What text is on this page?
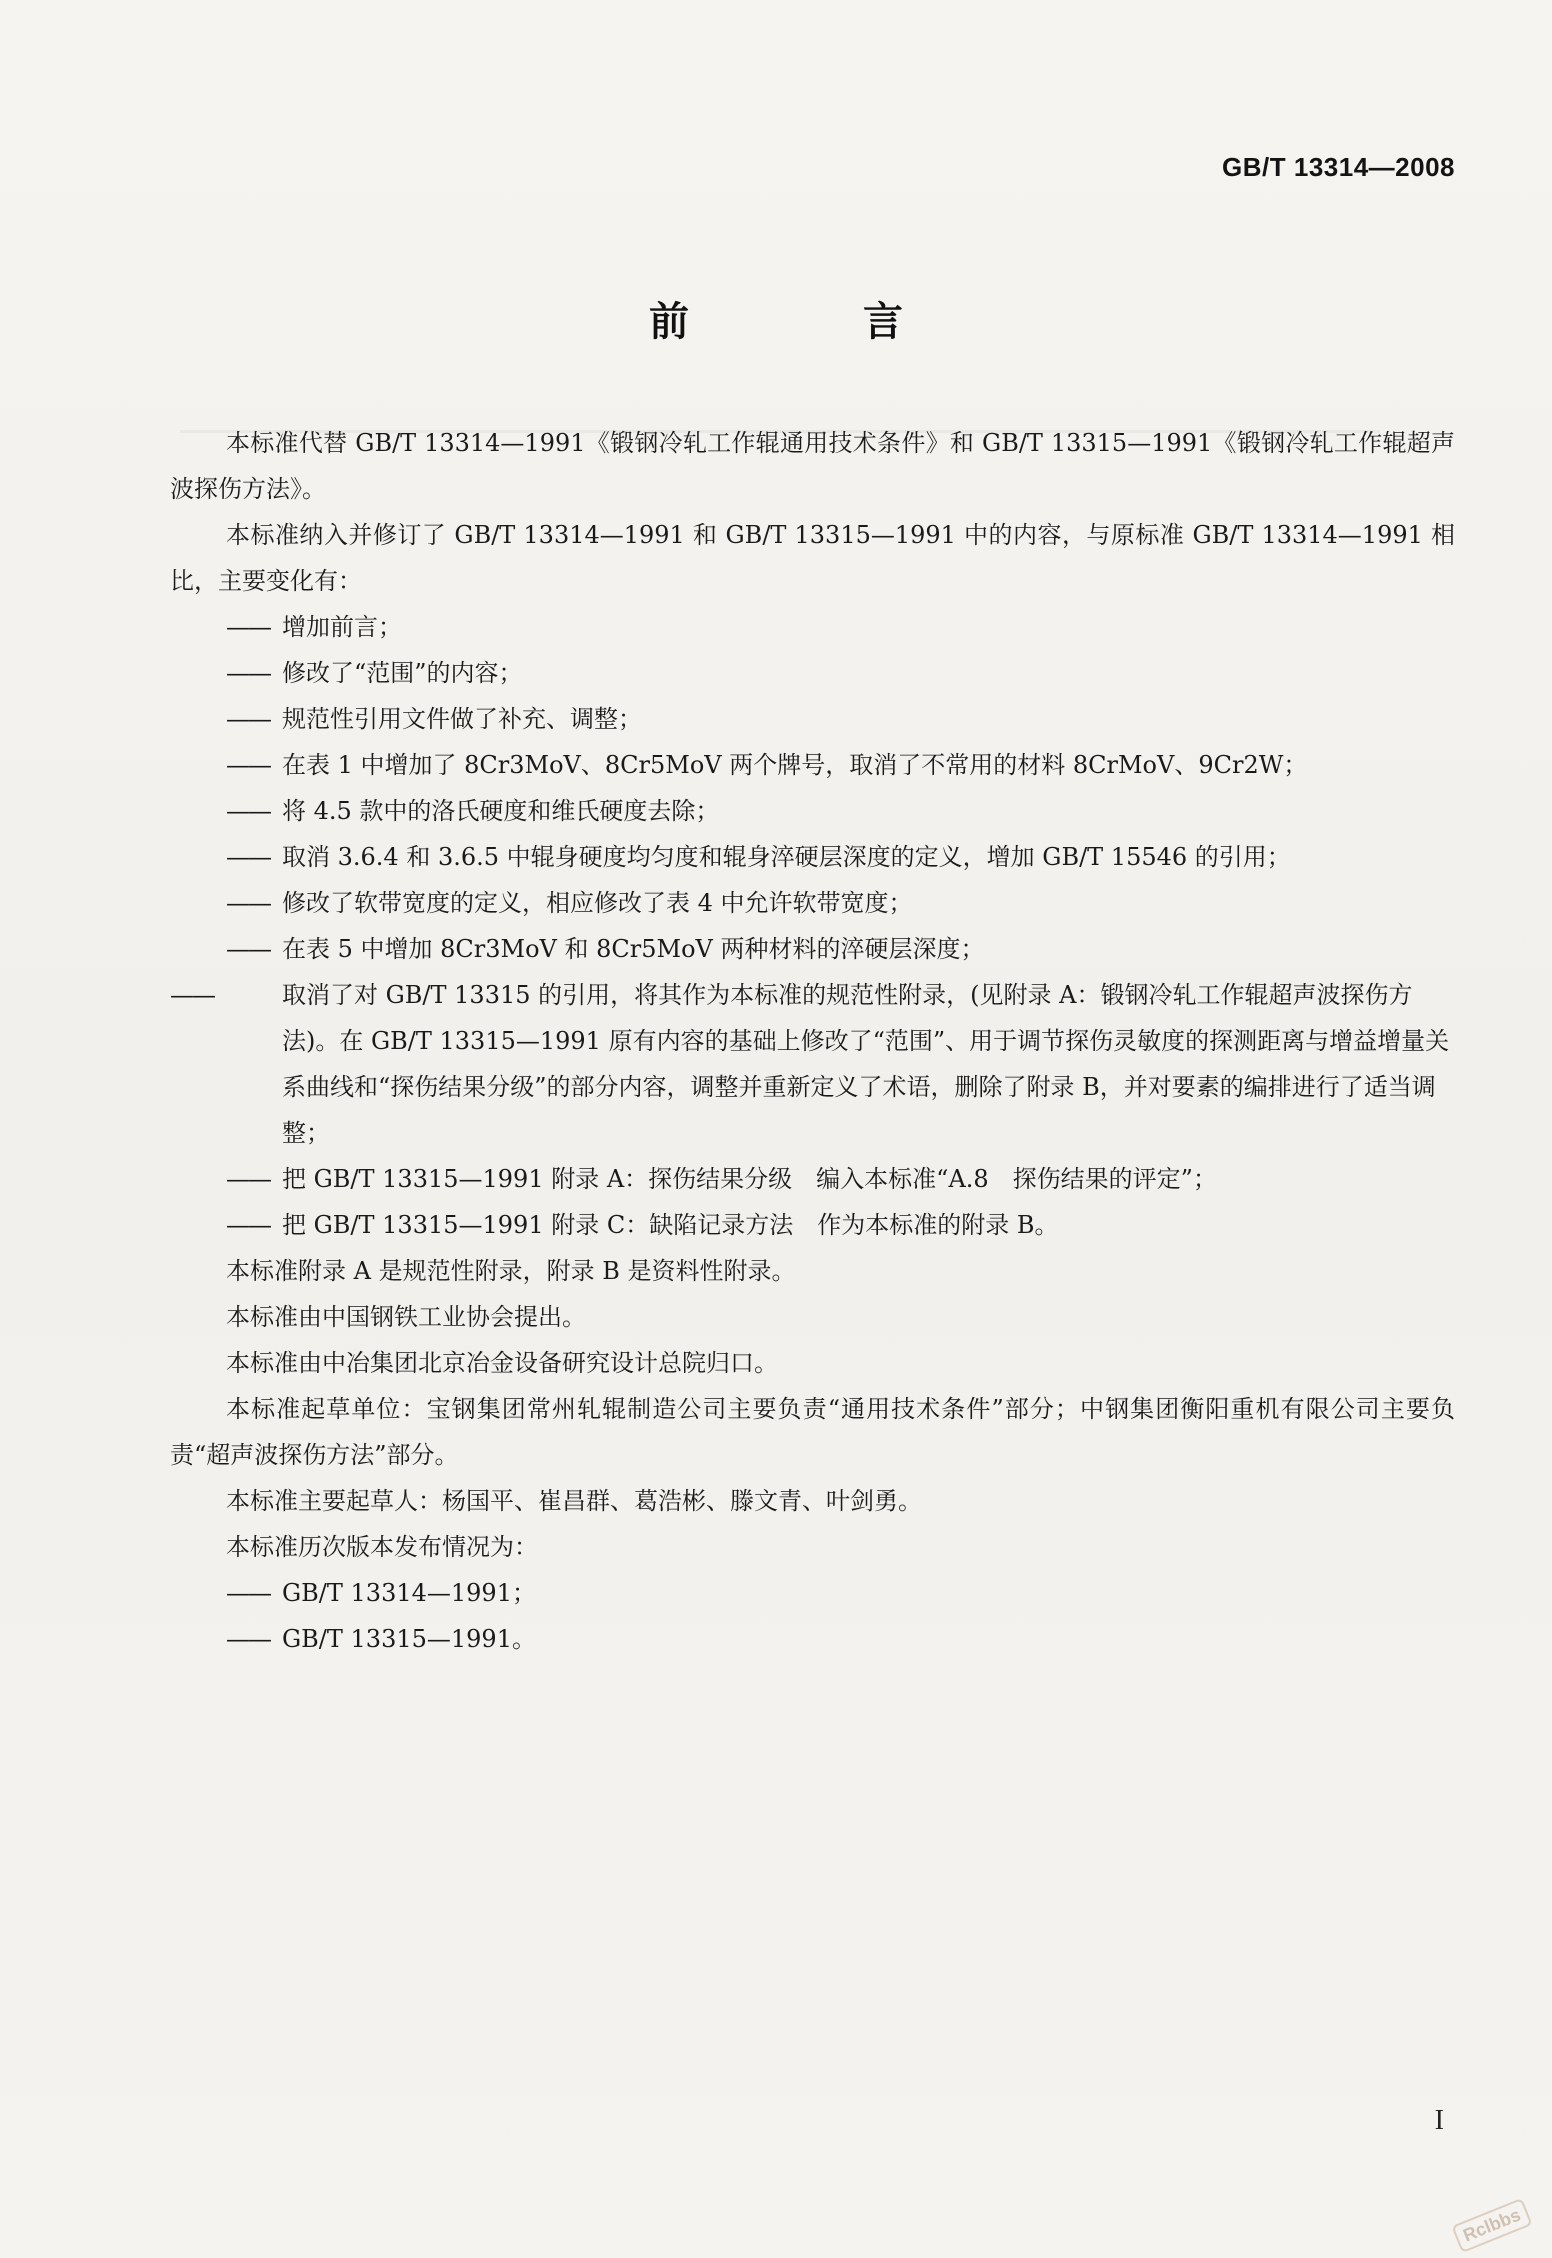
GB/T 13314—2008
前 言

本标准代替 GB/T 13314—1991《锻钢冷轧工作辊通用技术条件》和 GB/T 13315—1991《锻钢冷轧工作辊超声波探伤方法》。

本标准纳入并修订了 GB/T 13314—1991 和 GB/T 13315—1991 中的内容，与原标准 GB/T 13314—1991 相比，主要变化有：

—— 增加前言；

—— 修改了“范围”的内容；

—— 规范性引用文件做了补充、调整；

—— 在表 1 中增加了 8Cr3MoV、8Cr5MoV 两个牌号，取消了不常用的材料 8CrMoV、9Cr2W；

—— 将 4.5 款中的洛氏硬度和维氏硬度去除；

—— 取消 3.6.4 和 3.6.5 中辊身硬度均匀度和辊身淬硬层深度的定义，增加 GB/T 15546 的引用；

—— 修改了软带宽度的定义，相应修改了表 4 中允许软带宽度；

—— 在表 5 中增加 8Cr3MoV 和 8Cr5MoV 两种材料的淬硬层深度；

——	取消了对 GB/T 13315 的引用，将其作为本标准的规范性附录，(见附录 A：锻钢冷轧工作辊超声波探伤方法)。在 GB/T 13315—1991 原有内容的基础上修改了“范围”、用于调节探伤灵敏度的探测距离与增益增量关系曲线和“探伤结果分级”的部分内容，调整并重新定义了术语，删除了附录 B，并对要素的编排进行了适当调整；

—— 把 GB/T 13315—1991 附录 A：探伤结果分级　编入本标准“A.8　探伤结果的评定”；

—— 把 GB/T 13315—1991 附录 C：缺陷记录方法　作为本标准的附录 B。

本标准附录 A 是规范性附录，附录 B 是资料性附录。

本标准由中国钢铁工业协会提出。

本标准由中冶集团北京冶金设备研究设计总院归口。

本标准起草单位：宝钢集团常州轧辊制造公司主要负责“通用技术条件”部分；中钢集团衡阳重机有限公司主要负责“超声波探伤方法”部分。

本标准主要起草人：杨国平、崔昌群、葛浩彬、滕文青、叶剑勇。

本标准历次版本发布情况为：

—— GB/T 13314—1991；

—— GB/T 13315—1991。

I
Rclbbs
